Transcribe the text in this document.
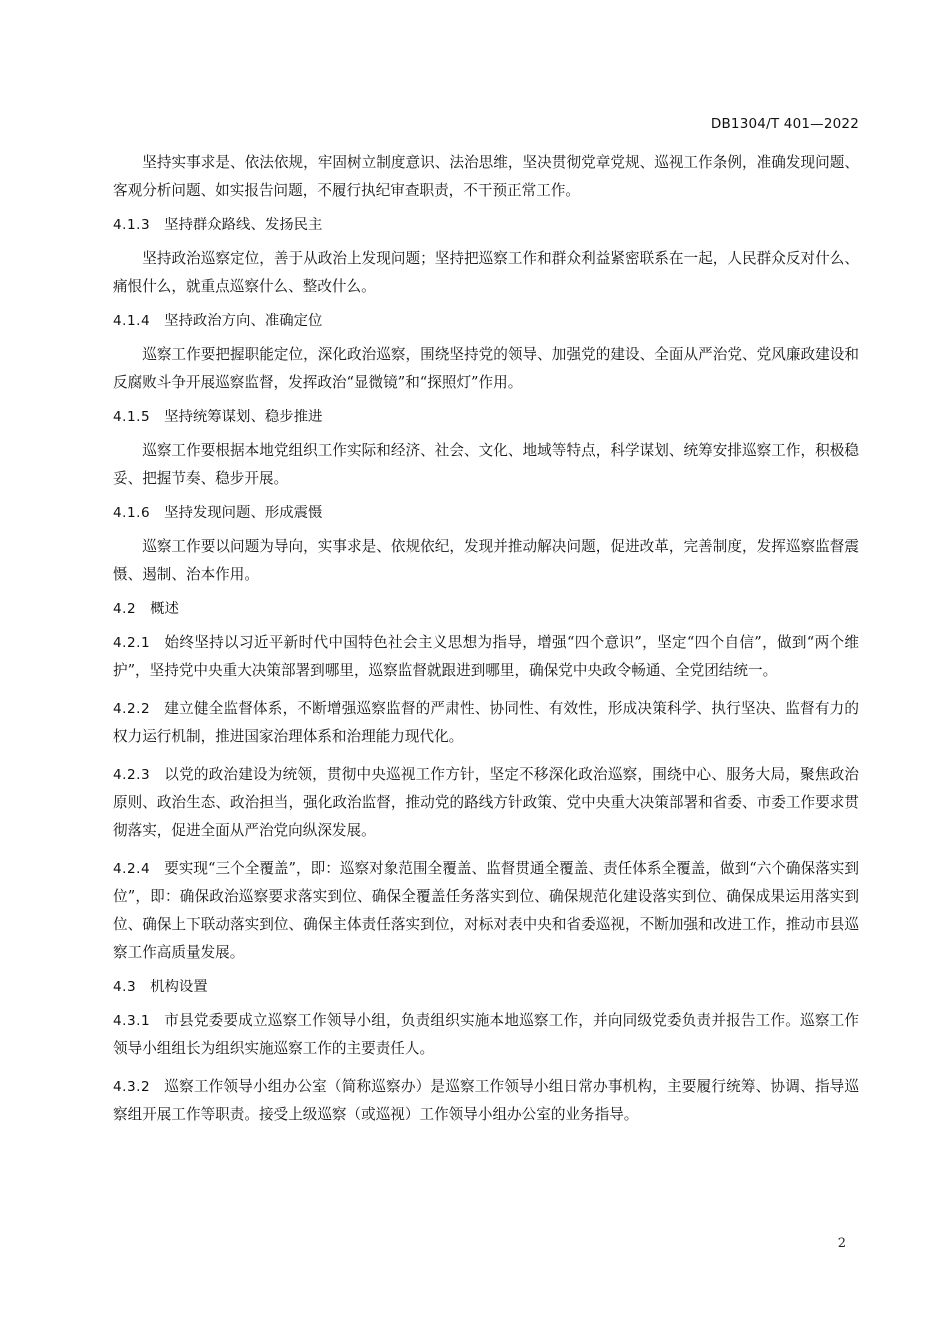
DB1304/T 401—2022

坚持实事求是、依法依规，牢固树立制度意识、法治思维，坚决贯彻党章党规、巡视工作条例，准确发现问题、客观分析问题、如实报告问题，不履行执纪审查职责，不干预正常工作。

4.1.3 坚持群众路线、发扬民主

坚持政治巡察定位，善于从政治上发现问题；坚持把巡察工作和群众利益紧密联系在一起，人民群众反对什么、痛恨什么，就重点巡察什么、整改什么。

4.1.4 坚持政治方向、准确定位

巡察工作要把握职能定位，深化政治巡察，围绕坚持党的领导、加强党的建设、全面从严治党、党风廉政建设和反腐败斗争开展巡察监督，发挥政治“显微镜”和“探照灯”作用。

4.1.5 坚持统筹谋划、稳步推进

巡察工作要根据本地党组织工作实际和经济、社会、文化、地域等特点，科学谋划、统筹安排巡察工作，积极稳妥、把握节奏、稳步开展。

4.1.6 坚持发现问题、形成震慑

巡察工作要以问题为导向，实事求是、依规依纪，发现并推动解决问题，促进改革，完善制度，发挥巡察监督震慑、遏制、治本作用。

4.2 概述

4.2.1 始终坚持以习近平新时代中国特色社会主义思想为指导，增强“四个意识”，坚定“四个自信”，做到“两个维护”，坚持党中央重大决策部署到哪里，巡察监督就跟进到哪里，确保党中央政令畅通、全党团结统一。

4.2.2 建立健全监督体系，不断增强巡察监督的严肃性、协同性、有效性，形成决策科学、执行坚决、监督有力的权力运行机制，推进国家治理体系和治理能力现代化。

4.2.3 以党的政治建设为统领，贯彻中央巡视工作方针，坚定不移深化政治巡察，围绕中心、服务大局，聚焦政治原则、政治生态、政治担当，强化政治监督，推动党的路线方针政策、党中央重大决策部署和省委、市委工作要求贯彻落实，促进全面从严治党向纵深发展。

4.2.4 要实现“三个全覆盖”，即：巡察对象范围全覆盖、监督贯通全覆盖、责任体系全覆盖，做到“六个确保落实到位”，即：确保政治巡察要求落实到位、确保全覆盖任务落实到位、确保规范化建设落实到位、确保成果运用落实到位、确保上下联动落实到位、确保主体责任落实到位，对标对表中央和省委巡视，不断加强和改进工作，推动市县巡察工作高质量发展。

4.3 机构设置

4.3.1 市县党委要成立巡察工作领导小组，负责组织实施本地巡察工作，并向同级党委负责并报告工作。巡察工作领导小组组长为组织实施巡察工作的主要责任人。

4.3.2 巡察工作领导小组办公室（简称巡察办）是巡察工作领导小组日常办事机构，主要履行统筹、协调、指导巡察组开展工作等职责。接受上级巡察（或巡视）工作领导小组办公室的业务指导。

2
